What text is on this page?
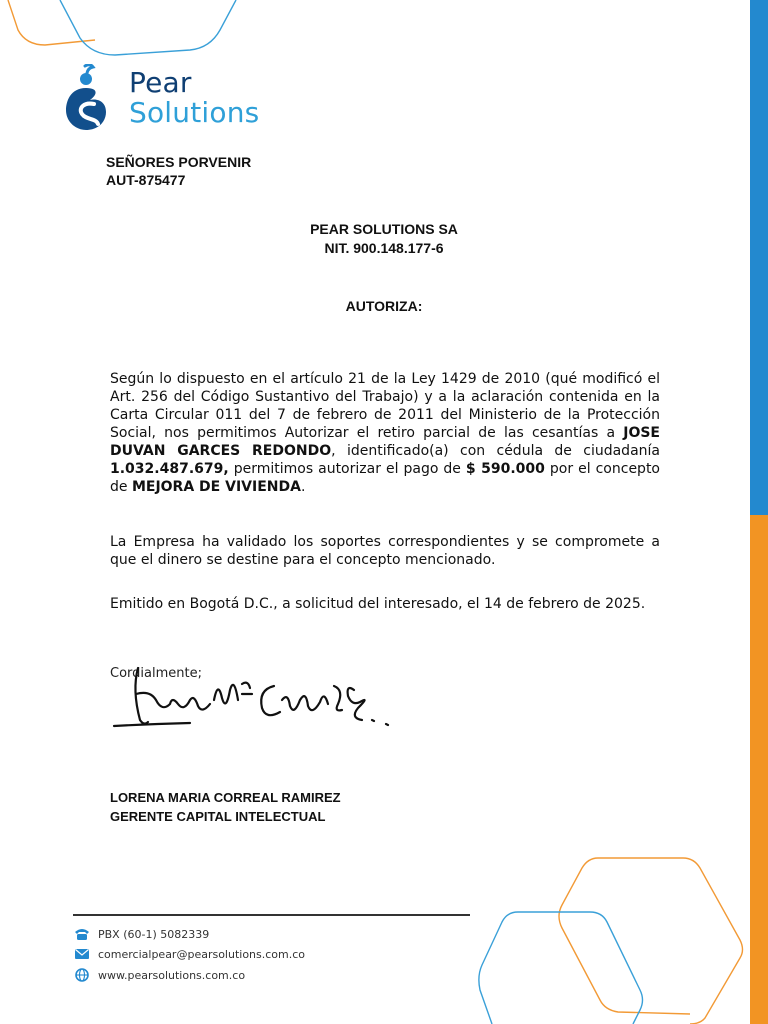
Pear
Solutions
SEÑORES PORVENIR
AUT-875477
PEAR SOLUTIONS SA
NIT. 900.148.177-6
AUTORIZA:
Según lo dispuesto en el artículo 21 de la Ley 1429 de 2010 (qué modificó el Art. 256 del Código Sustantivo del Trabajo) y a la aclaración contenida en la Carta Circular 011 del 7 de febrero de 2011 del Ministerio de la Protección Social, nos permitimos Autorizar el retiro parcial de las cesantías a JOSE DUVAN GARCES REDONDO, identificado(a) con cédula de ciudadanía 1.032.487.679, permitimos autorizar el pago de $ 590.000 por el concepto de MEJORA DE VIVIENDA.
La Empresa ha validado los soportes correspondientes y se compromete a que el dinero se destine para el concepto mencionado.
Emitido en Bogotá D.C., a solicitud del interesado, el 14 de febrero de 2025.
Cordialmente;
LORENA MARIA CORREAL RAMIREZ
GERENTE CAPITAL INTELECTUAL
PBX (60-1) 5082339
comercialpear@pearsolutions.com.co
www.pearsolutions.com.co
